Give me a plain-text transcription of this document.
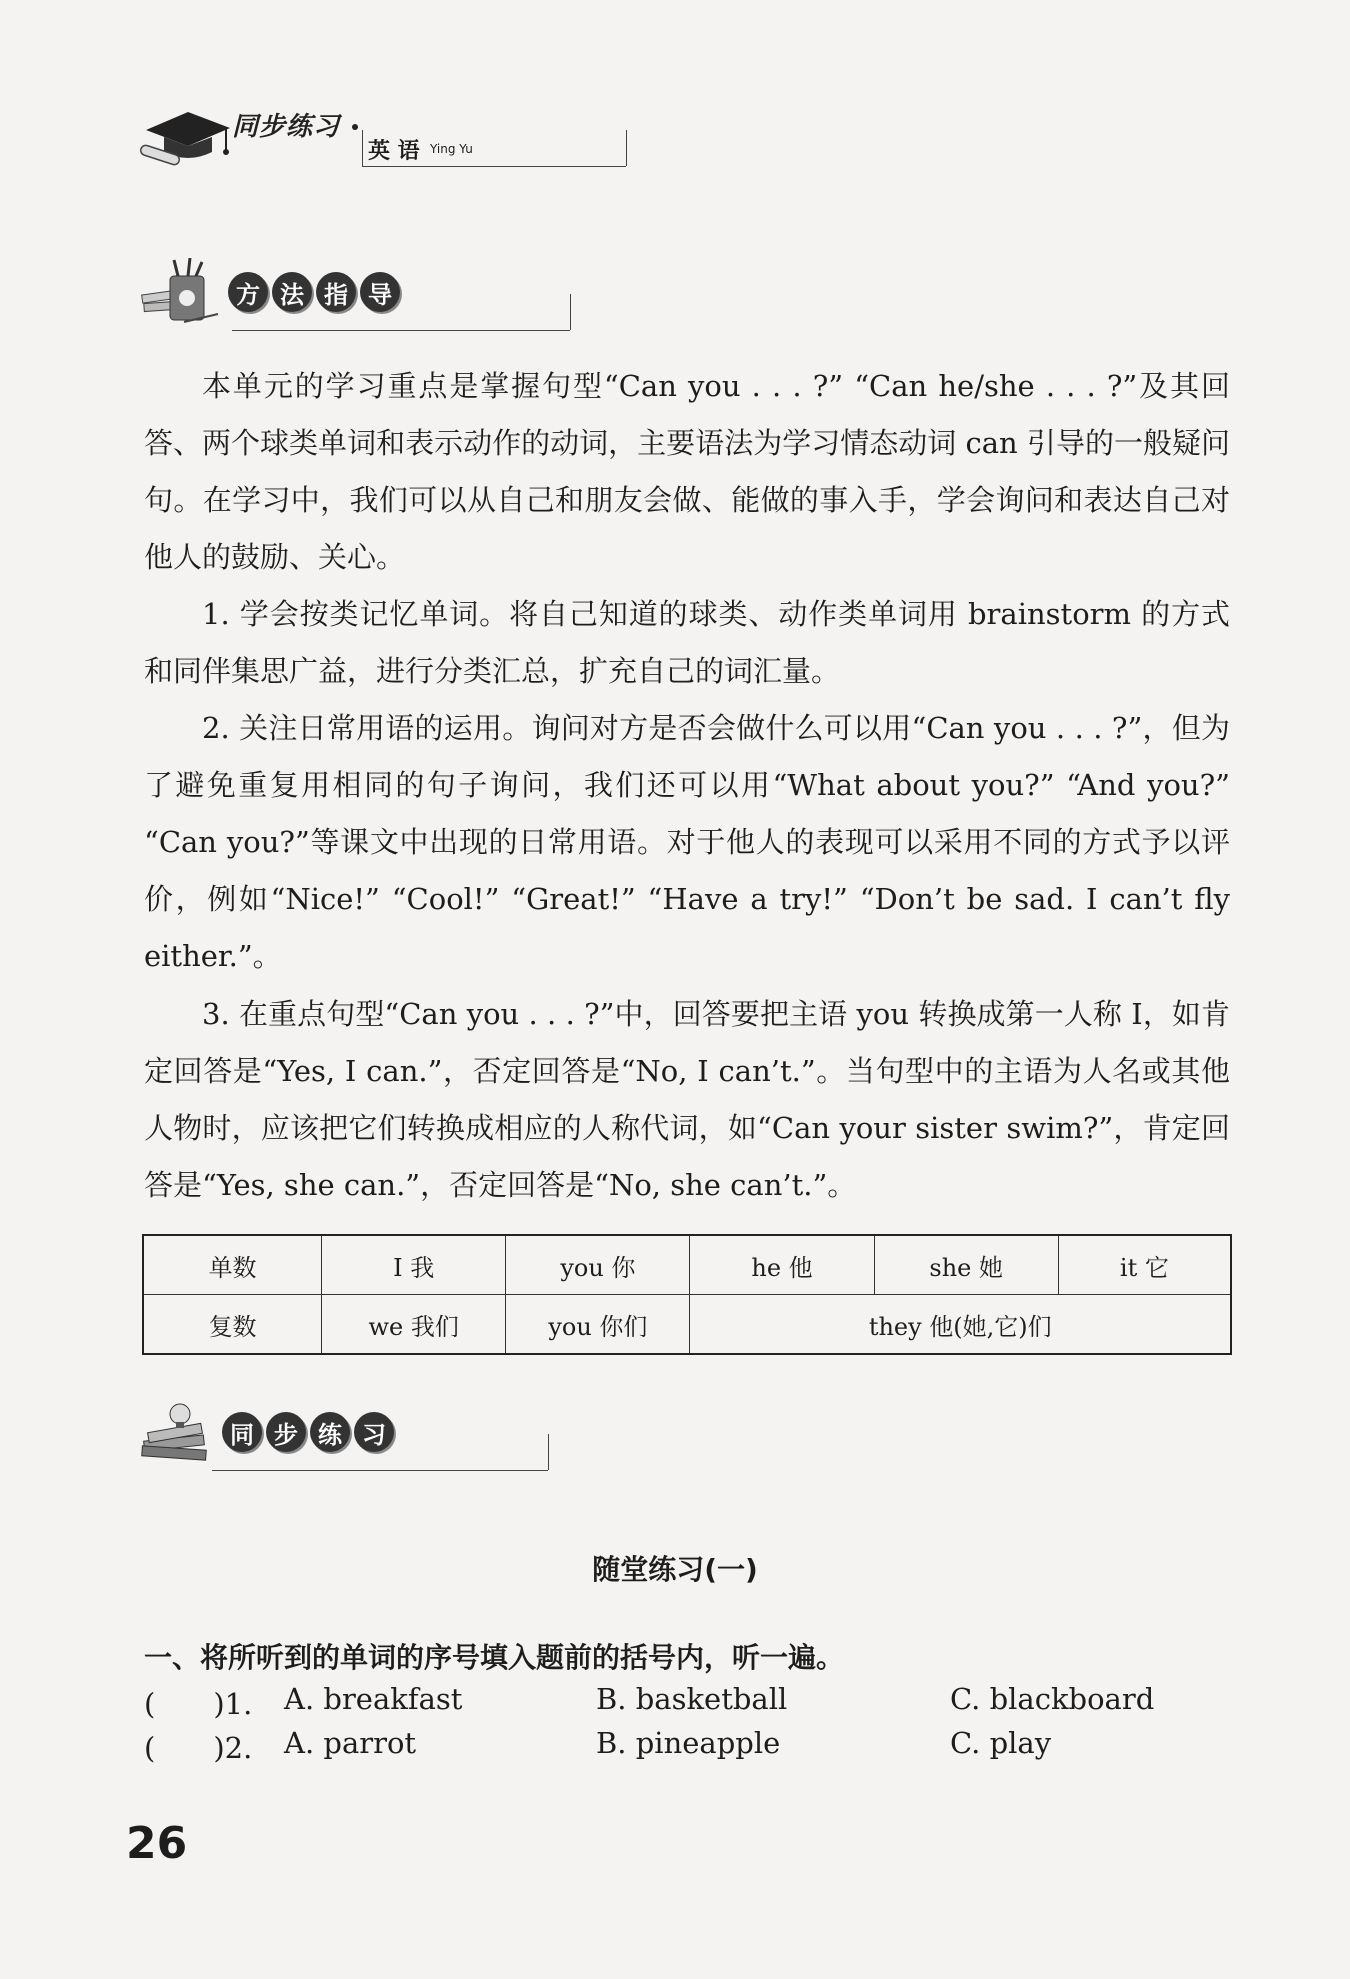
同步练习
英 语 Ying Yu
方 法 指 导

本单元的学习重点是掌握句型“Can you . . . ?” “Can he/she . . . ?”及其回答、两个球类单词和表示动作的动词，主要语法为学习情态动词 can 引导的一般疑问句。在学习中，我们可以从自己和朋友会做、能做的事入手，学会询问和表达自己对他人的鼓励、关心。

1. 学会按类记忆单词。将自己知道的球类、动作类单词用 brainstorm 的方式和同伴集思广益，进行分类汇总，扩充自己的词汇量。

2. 关注日常用语的运用。询问对方是否会做什么可以用“Can you . . . ?”，但为了避免重复用相同的句子询问，我们还可以用“What about you?” “And you?” “Can you?”等课文中出现的日常用语。对于他人的表现可以采用不同的方式予以评价，例如“Nice!” “Cool!” “Great!” “Have a try!” “Don’t be sad. I can’t fly either.”。

3. 在重点句型“Can you . . . ?”中，回答要把主语 you 转换成第一人称 I，如肯定回答是“Yes, I can.”，否定回答是“No, I can’t.”。当句型中的主语为人名或其他人物时，应该把它们转换成相应的人称代词，如“Can your sister swim?”，肯定回答是“Yes, she can.”，否定回答是“No, she can’t.”。

单数	I 我	you 你	he 他	she 她	it 它
复数	we 我们	you 你们	they 他(她,它)们		
同 步 练 习
随堂练习(一)
一、将所听到的单词的序号填入题前的括号内，听一遍。
(　　)1. A. breakfast	B. basketball	C. blackboard
(　　)2. A. parrot	B. pineapple	C. play
26
